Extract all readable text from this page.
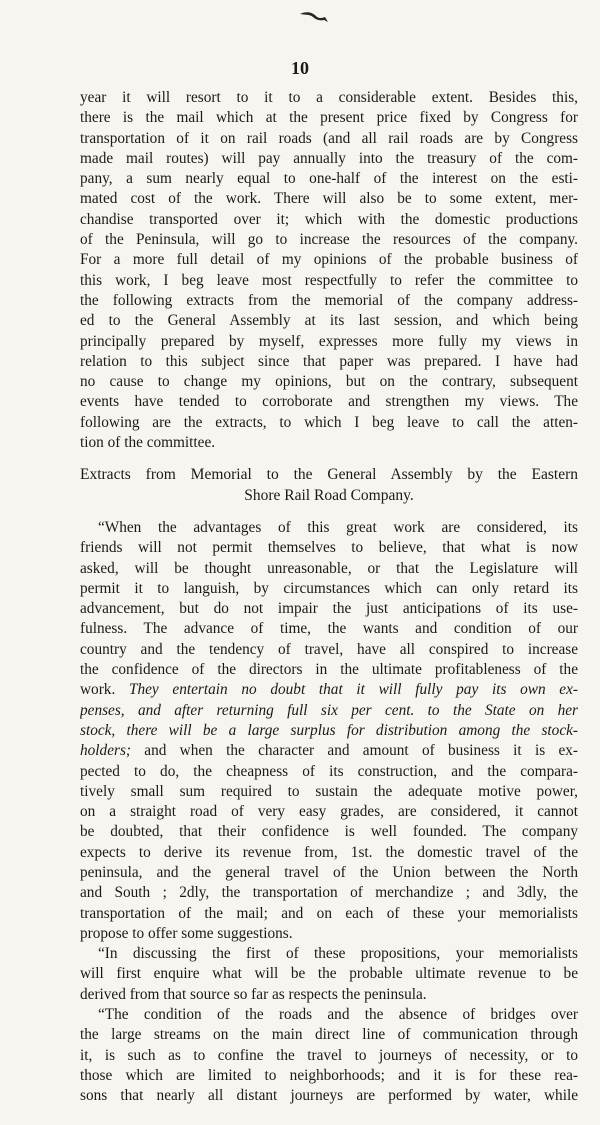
10
year it will resort to it to a considerable extent. Besides this,
there is the mail which at the present price fixed by Congress for
transportation of it on rail roads (and all rail roads are by Congress
made mail routes) will pay annually into the treasury of the com-
pany, a sum nearly equal to one-half of the interest on the esti-
mated cost of the work. There will also be to some extent, mer-
chandise transported over it; which with the domestic productions
of the Peninsula, will go to increase the resources of the company.
For a more full detail of my opinions of the probable business of
this work, I beg leave most respectfully to refer the committee to
the following extracts from the memorial of the company address-
ed to the General Assembly at its last session, and which being
principally prepared by myself, expresses more fully my views in
relation to this subject since that paper was prepared. I have had
no cause to change my opinions, but on the contrary, subsequent
events have tended to corroborate and strengthen my views. The
following are the extracts, to which I beg leave to call the atten-
tion of the committee.
Extracts from Memorial to the General Assembly by the Eastern
Shore Rail Road Company.
“When the advantages of this great work are considered, its
friends will not permit themselves to believe, that what is now
asked, will be thought unreasonable, or that the Legislature will
permit it to languish, by circumstances which can only retard its
advancement, but do not impair the just anticipations of its use-
fulness. The advance of time, the wants and condition of our
country and the tendency of travel, have all conspired to increase
the confidence of the directors in the ultimate profitableness of the
work. They entertain no doubt that it will fully pay its own ex-
penses, and after returning full six per cent. to the State on her
stock, there will be a large surplus for distribution among the stock-
holders; and when the character and amount of business it is ex-
pected to do, the cheapness of its construction, and the compara-
tively small sum required to sustain the adequate motive power,
on a straight road of very easy grades, are considered, it cannot
be doubted, that their confidence is well founded. The company
expects to derive its revenue from, 1st. the domestic travel of the
peninsula, and the general travel of the Union between the North
and South ; 2dly, the transportation of merchandize ; and 3dly, the
transportation of the mail; and on each of these your memorialists
propose to offer some suggestions.
“In discussing the first of these propositions, your memorialists
will first enquire what will be the probable ultimate revenue to be
derived from that source so far as respects the peninsula.
“The condition of the roads and the absence of bridges over
the large streams on the main direct line of communication through
it, is such as to confine the travel to journeys of necessity, or to
those which are limited to neighborhoods; and it is for these rea-
sons that nearly all distant journeys are performed by water, while
